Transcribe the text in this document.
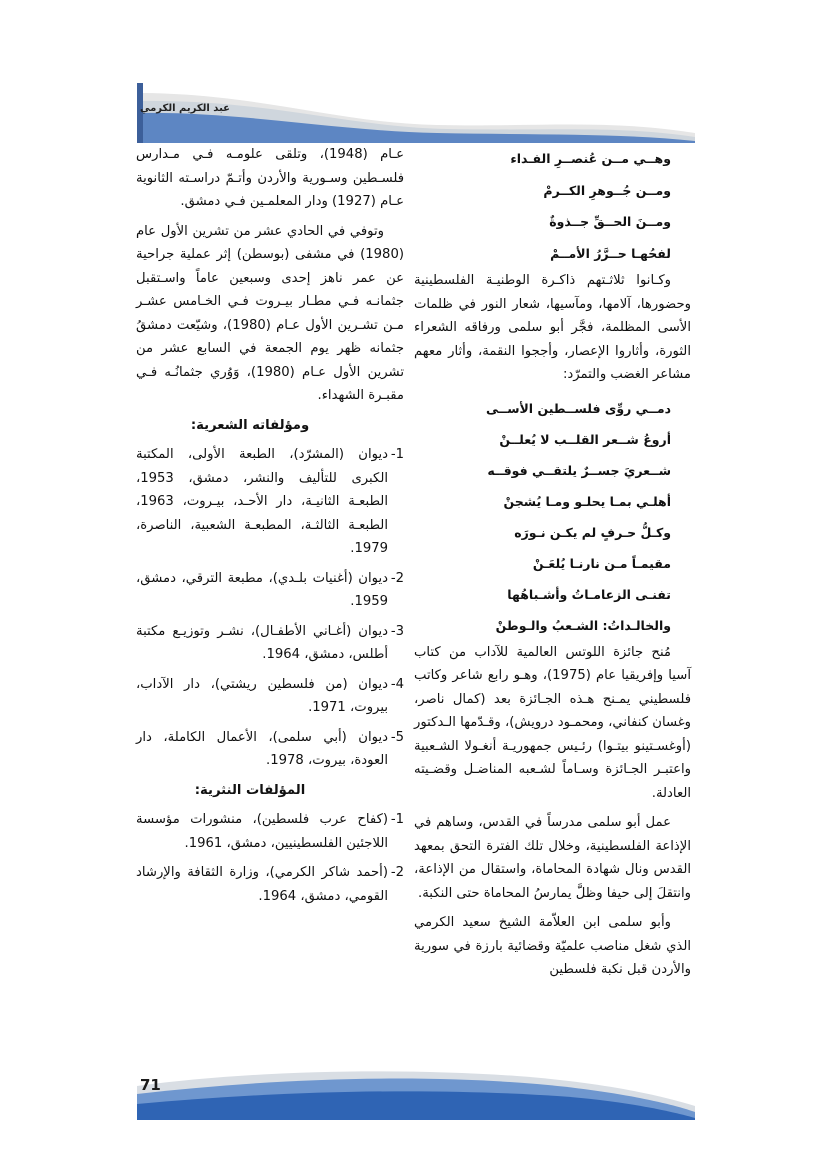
عبد الكريم الكرمي
وهــي مــن عُنصــرِ الفـداء
ومــن جُــوهرِ الكــرمْ
ومــنَ الحــقِّ جــذوةٌ
لفحُهـا حــرَّرُ الأمــمْ

وكـانوا ثلاثـتهم ذاكـرة الوطنيـة الفلسطينية وحضورها، آلامها، ومآسيها، شعار النور في ظلمات الأسى المظلمة، فجَّر أبو سلمى ورفاقه الشعراء الثورة، وأثاروا الإعصار، وأججوا النقمة، وأثار معهم مشاعر الغضب والتمرّد:

دمــي روِّى فلســطين الأســى
أروعُ شــعر القلــب لا يُعلــنْ
شــعريَ جســرٌ يلتقــي فوقــه
أهلـي بمـا يحلـو ومـا يُشجنْ
وكـلُّ حـرفٍ لم يكـن نـورَه
مقيمـاً مـن نارنـا يُلعَـنْ
تفنـى الزعامـاتُ وأشـباهُها
والخالـداتُ: الشـعبُ والـوطنْ

مُنح جائزة اللوتس العالمية للآداب من كتاب آسيا وإفريقيا عام (1975)، وهـو رابع شاعر وكاتب فلسطيني يمـنح هـذه الجـائزة بعد (كمال ناصر، وغسان كنفاني، ومحمـود درويش)، وقـدّمها الـدكتور (أوغسـتينو بيتـوا) رئـيس جمهوريـة أنغـولا الشـعبية واعتبـر الجـائزة وسـاماً لشـعبه المناضـل وقضـيته العادلة.

عمل أبو سلمى مدرساً في القدس، وساهم في الإذاعة الفلسطينية، وخلال تلك الفترة التحق بمعهد القدس ونال شهادة المحاماة، واستقال من الإذاعة، وانتقلَ إلى حيفا وظلَّ يمارسُ المحاماة حتى النكبة.

وأبو سلمى ابن العلاّمة الشيخ سعيد الكرمي الذي شغل مناصب علميّة وقضائية بارزة في سورية والأردن قبل نكبة فلسطين

عـام (1948)، وتلقى علومـه فـي مـدارس فلسـطين وسـورية والأردن وأتـمّ دراسـته الثانوية عـام (1927) ودار المعلمـين فـي دمشق.

وتوفي في الحادي عشر من تشرين الأول عام (1980) في مشفى (بوسطن) إثر عملية جراحية عن عمر ناهز إحدى وسبعين عاماً واسـتقبل جثمانـه فـي مطـار بيـروت فـي الخـامس عشـر مـن تشـرين الأول عـام (1980)، وشيّعت دمشقُ جثمانه ظهر يوم الجمعة في السابع عشر من تشرين الأول عـام (1980)، وَوُري جثمانُـه فـي مقبـرة الشهداء.

ومؤلفاته الشعرية:
1-
ديوان (المشرّد)، الطبعة الأولى، المكتبة الكبرى للتأليف والنشر، دمشق، 1953، الطبعـة الثانيـة، دار الأحـد، بيـروت، 1963، الطبعـة الثالثـة، المطبعـة الشعبية، الناصرة، 1979.
2-
ديوان (أغنيات بلـدي)، مطبعة الترقي، دمشق، 1959.
3-
ديوان (أغـاني الأطفـال)، نشـر وتوزيـع مكتبة أطلس، دمشق، 1964.
4-
ديوان (من فلسطين ريشتي)، دار الآداب، بيروت، 1971.
5-
ديوان (أبي سلمى)، الأعمال الكاملة، دار العودة، بيروت، 1978.
المؤلفات النثرية:
1-
(كفاح عرب فلسطين)، منشورات مؤسسة اللاجئين الفلسطينيين، دمشق، 1961.
2-
(أحمد شاكر الكرمي)، وزارة الثقافة والإرشاد القومي، دمشق، 1964.
71
